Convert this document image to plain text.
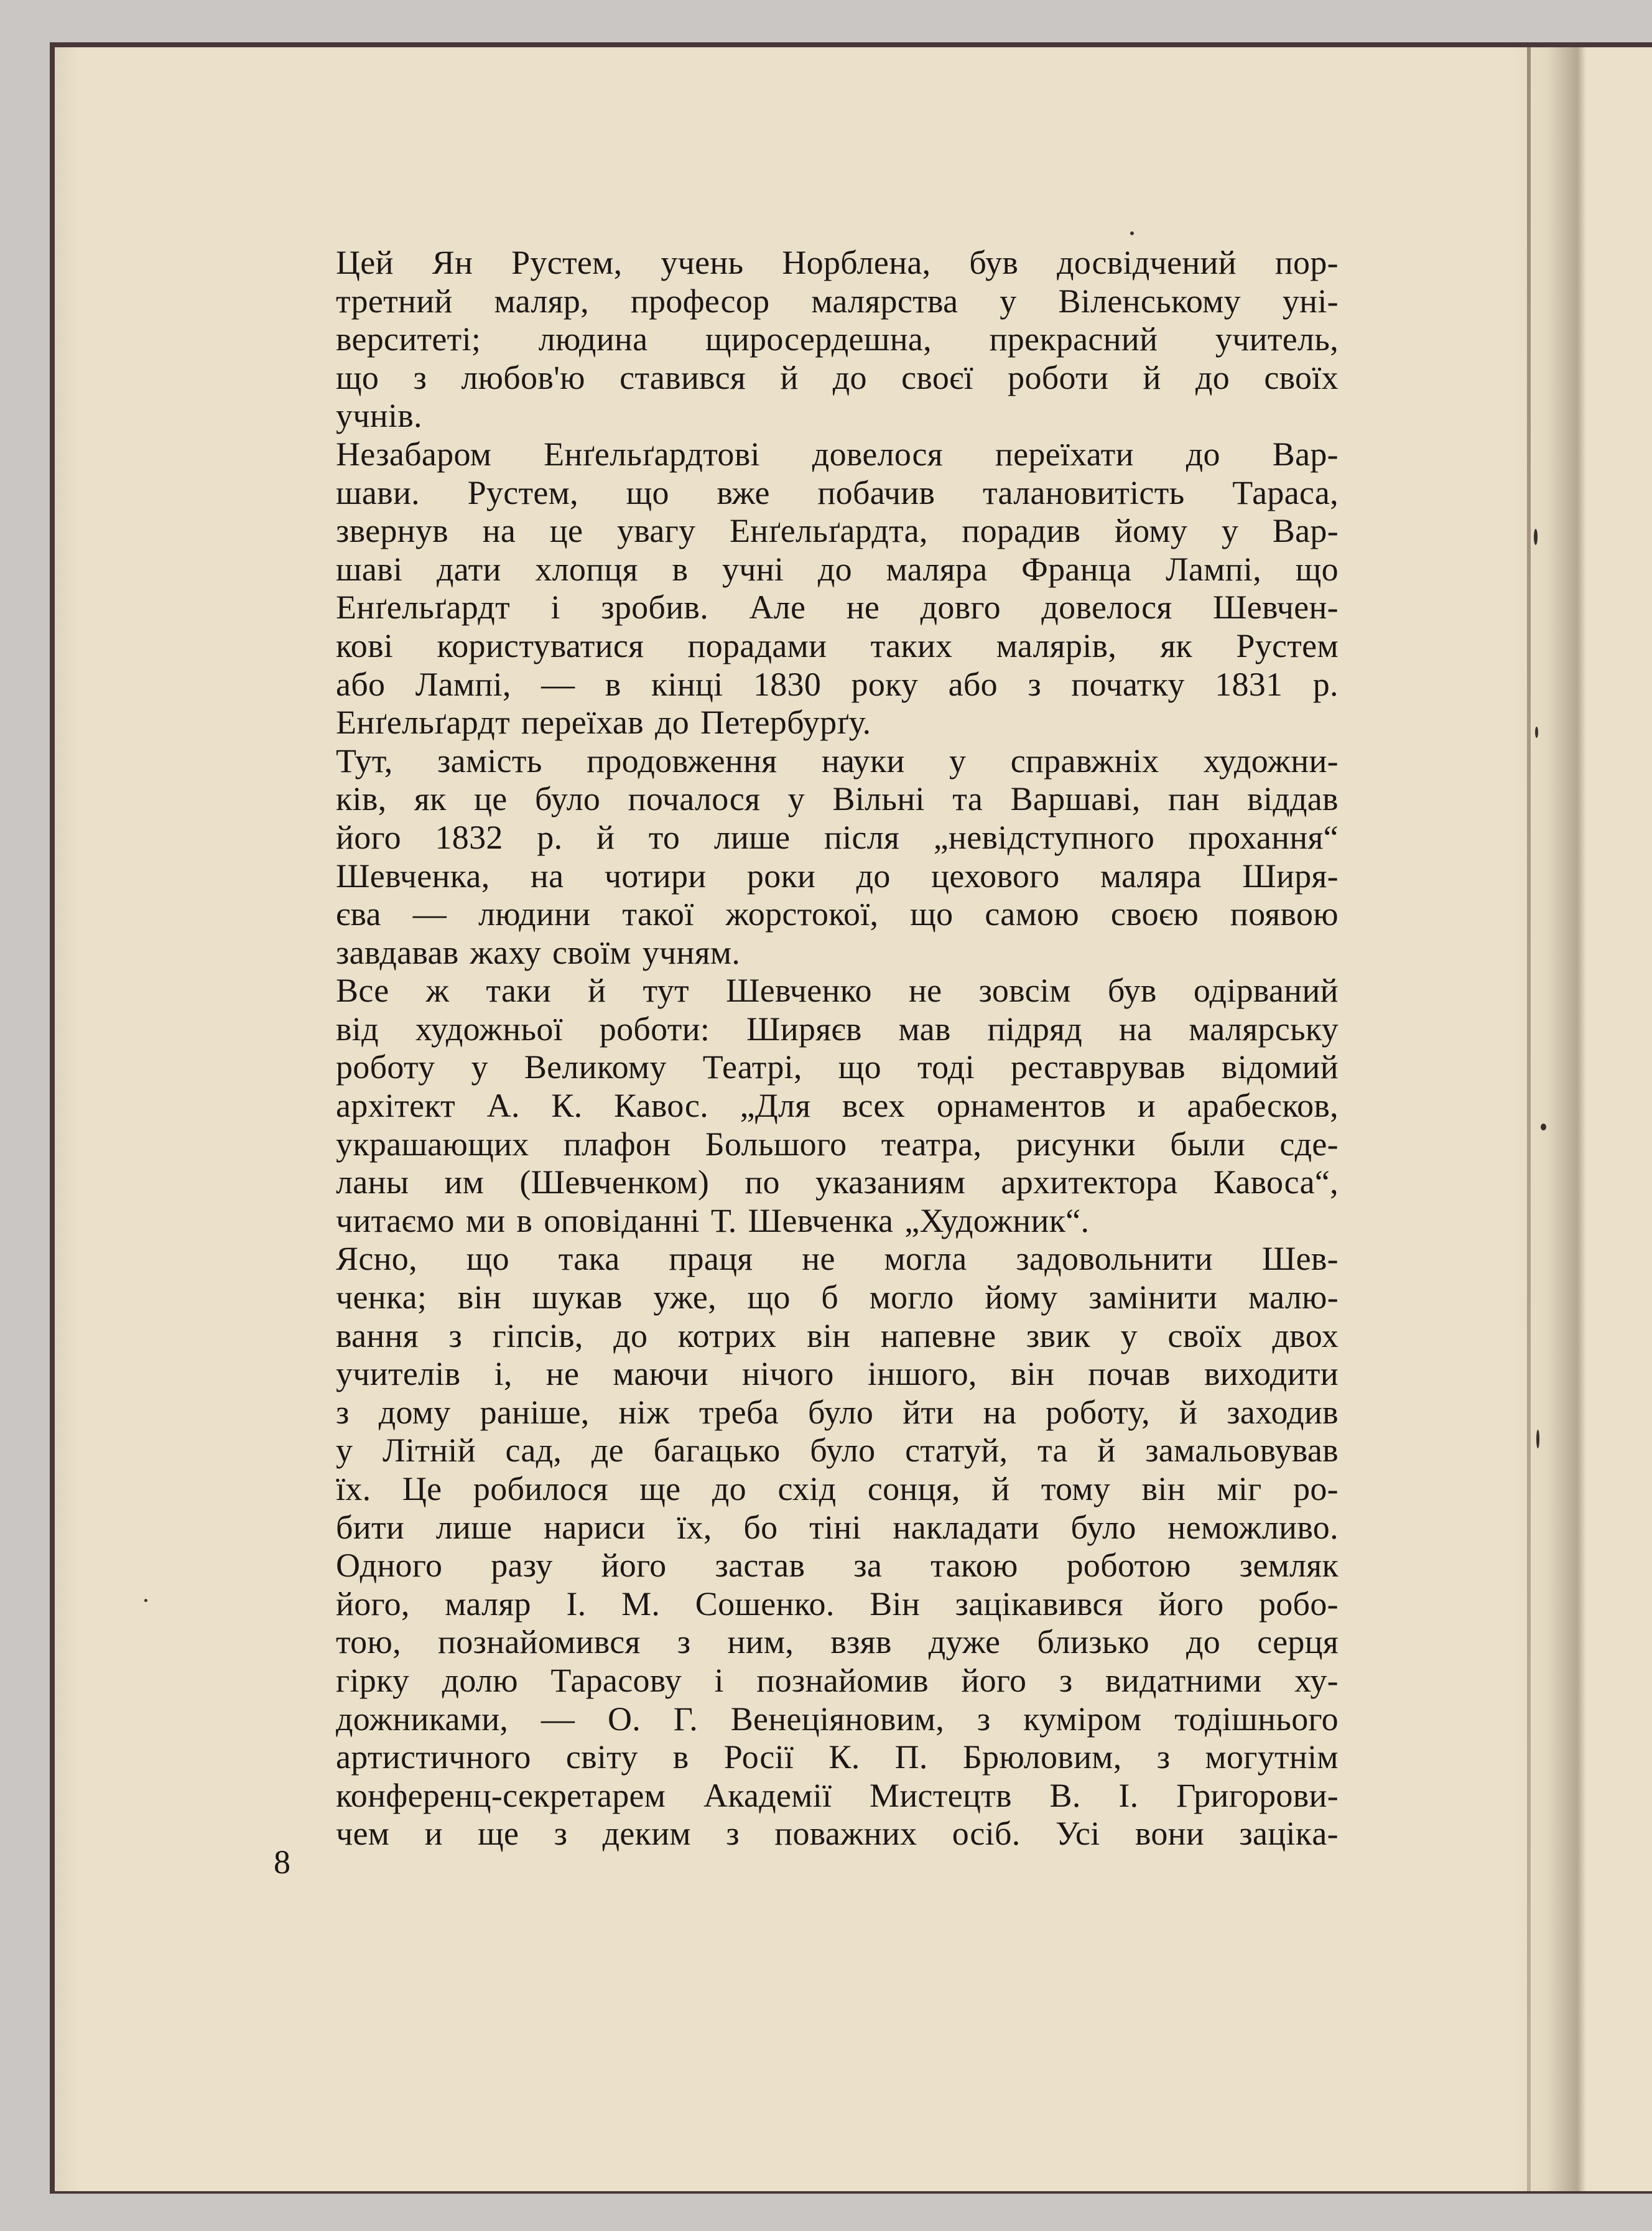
Цей Ян Рустем, учень Норблена, був досвідчений пор-
третний маляр, професор малярства у Віленському уні-
верситеті; людина щиросердешна, прекрасний учитель,
що з любов'ю ставився й до своєї роботи й до своїх
учнів.
Незабаром Енґельґардтові довелося переїхати до Вар-
шави. Рустем, що вже побачив талановитість Тараса,
звернув на це увагу Енґельґардта, порадив йому у Вар-
шаві дати хлопця в учні до маляра Франца Лампі, що
Енґельґардт і зробив. Але не довго довелося Шевчен-
кові користуватися порадами таких малярів, як Рустем
або Лампі, — в кінці 1830 року або з початку 1831 р.
Енґельґардт переїхав до Петербурґу.
Тут, замість продовження науки у справжніх художни-
ків, як це було почалося у Вільні та Варшаві, пан віддав
його 1832 р. й то лише після „невідступного прохання“
Шевченка, на чотири роки до цехового маляра Ширя-
єва — людини такої жорстокої, що самою своєю появою
завдавав жаху своїм учням.
Все ж таки й тут Шевченко не зовсім був одірваний
від художньої роботи: Ширяєв мав підряд на малярську
роботу у Великому Театрі, що тоді реставрував відомий
архітект А. К. Кавос. „Для всех орнаментов и арабесков,
украшающих плафон Большого театра, рисунки были сде-
ланы им (Шевченком) по указаниям архитектора Кавоса“,
читаємо ми в оповіданні Т. Шевченка „Художник“.
Ясно, що така праця не могла задовольнити Шев-
ченка; він шукав уже, що б могло йому замінити малю-
вання з гіпсів, до котрих він напевне звик у своїх двох
учителів і, не маючи нічого іншого, він почав виходити
з дому раніше, ніж треба було йти на роботу, й заходив
у Літній сад, де багацько було статуй, та й замальовував
їх. Це робилося ще до схід сонця, й тому він міг ро-
бити лише нариси їх, бо тіні накладати було неможливо.
Одного разу його застав за такою роботою земляк
його, маляр І. М. Сошенко. Він зацікавився його робо-
тою, познайомився з ним, взяв дуже близько до серця
гірку долю Тарасову і познайомив його з видатними ху-
дожниками, — О. Г. Венеціяновим, з куміром тодішнього
артистичного світу в Росії К. П. Брюловим, з могутнім
конференц-секретарем Академії Мистецтв В. І. Григорови-
чем и ще з деким з поважних осіб. Усі вони зацікa-
8
